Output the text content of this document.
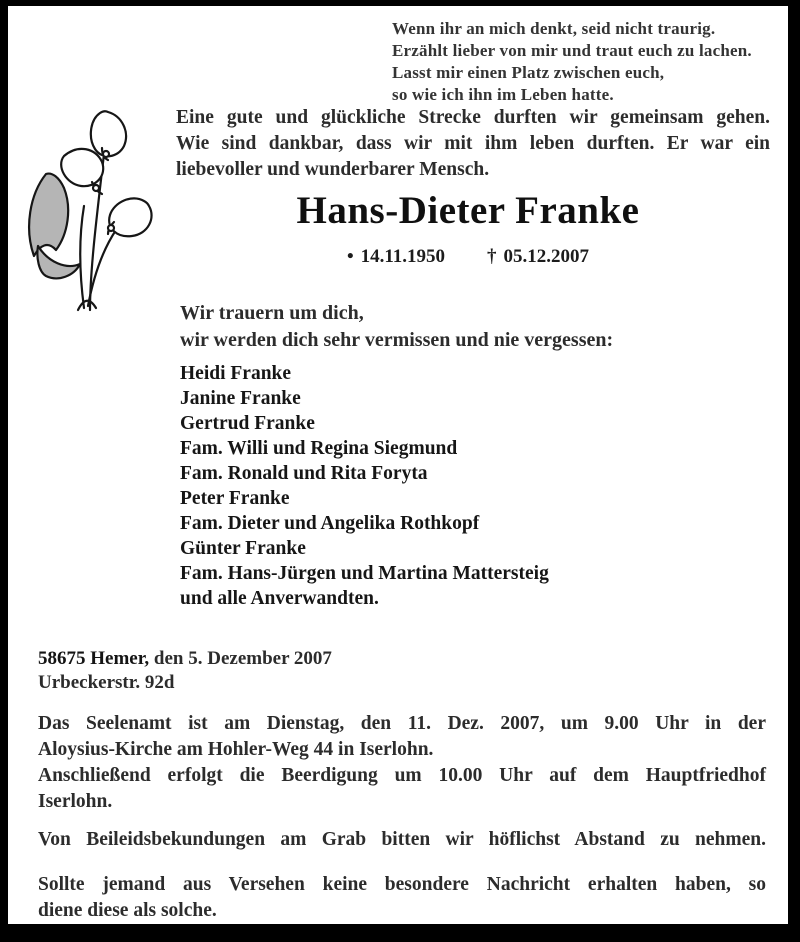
Wenn ihr an mich denkt, seid nicht traurig.
Erzählt lieber von mir und traut euch zu lachen.
Lasst mir einen Platz zwischen euch,
so wie ich ihn im Leben hatte.
Eine gute und glückliche Strecke durften wir gemeinsam gehen.
Wie sind dankbar, dass wir mit ihm leben durften. Er war ein
liebevoller und wunderbarer Mensch.
Hans-Dieter Franke
• 14.11.1950 † 05.12.2007
Wir trauern um dich,
wir werden dich sehr vermissen und nie vergessen:
Heidi Franke
Janine Franke
Gertrud Franke
Fam. Willi und Regina Siegmund
Fam. Ronald und Rita Foryta
Peter Franke
Fam. Dieter und Angelika Rothkopf
Günter Franke
Fam. Hans-Jürgen und Martina Mattersteig
und alle Anverwandten.
58675 Hemer, den 5. Dezember 2007
Urbeckerstr. 92d
Das Seelenamt ist am Dienstag, den 11. Dez. 2007, um 9.00 Uhr in der
Aloysius-Kirche am Hohler-Weg 44 in Iserlohn.
Anschließend erfolgt die Beerdigung um 10.00 Uhr auf dem Hauptfriedhof
Iserlohn.
Von Beileidsbekundungen am Grab bitten wir höflichst Abstand zu nehmen.
Sollte jemand aus Versehen keine besondere Nachricht erhalten haben, so
diene diese als solche.
